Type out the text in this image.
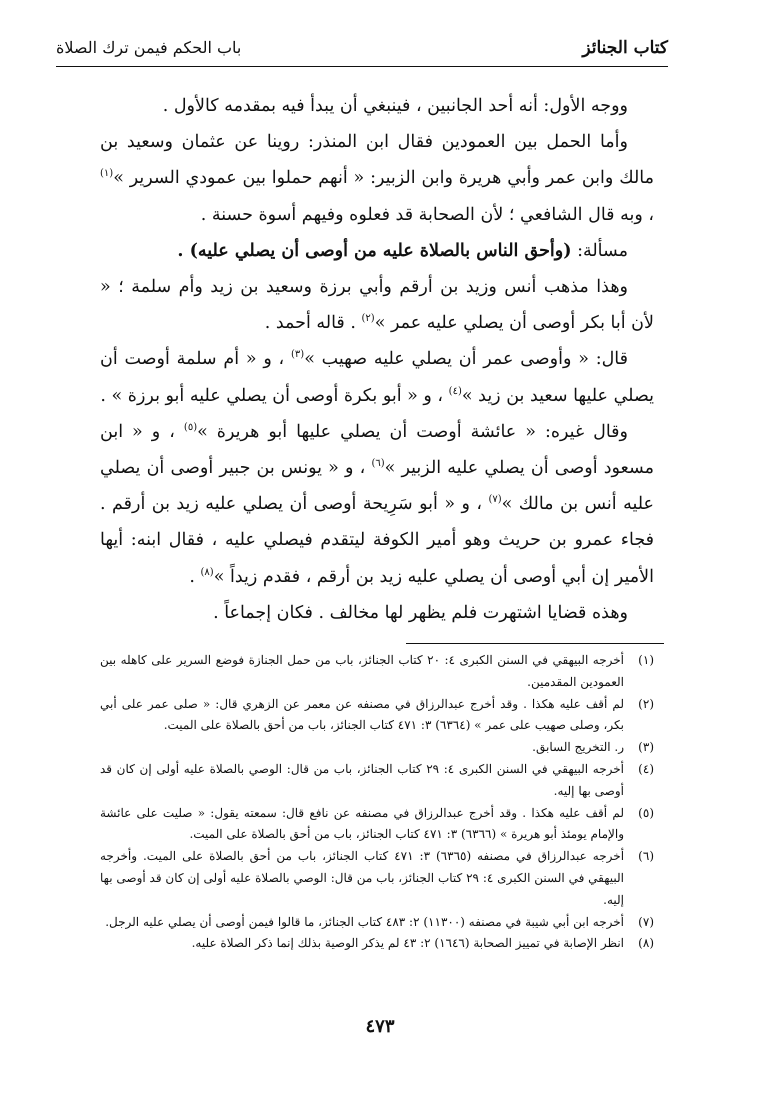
كتاب الجنائز
باب الحكم فيمن ترك الصلاة

ووجه الأول: أنه أحد الجانبين ، فينبغي أن يبدأ فيه بمقدمه كالأول .

وأما الحمل بين العمودين فقال ابن المنذر: روينا عن عثمان وسعيد بن مالك وابن عمر وأبي هريرة وابن الزبير: « أنهم حملوا بين عمودي السرير »$^{(١)}$ ، وبه قال الشافعي ؛ لأن الصحابة قد فعلوه وفيهم أسوة حسنة .

مسألة: (وأحق الناس بالصلاة عليه من أوصى أن يصلي عليه) .

وهذا مذهب أنس وزيد بن أرقم وأبي برزة وسعيد بن زيد وأم سلمة ؛ « لأن أبا بكر أوصى أن يصلي عليه عمر »$^{(٢)}$ . قاله أحمد .

قال: « وأوصى عمر أن يصلي عليه صهيب »$^{(٣)}$ ، و « أم سلمة أوصت أن يصلي عليها سعيد بن زيد »$^{(٤)}$ ، و « أبو بكرة أوصى أن يصلي عليه أبو برزة » .

وقال غيره: « عائشة أوصت أن يصلي عليها أبو هريرة »$^{(٥)}$ ، و « ابن مسعود أوصى أن يصلي عليه الزبير »$^{(٦)}$ ، و « يونس بن جبير أوصى أن يصلي عليه أنس بن مالك »$^{(٧)}$ ، و « أبو سَرِيحة أوصى أن يصلي عليه زيد بن أرقم . فجاء عمرو بن حريث وهو أمير الكوفة ليتقدم فيصلي عليه ، فقال ابنه: أيها الأمير إن أبي أوصى أن يصلي عليه زيد بن أرقم ، فقدم زيداً »$^{(٨)}$ .

وهذه قضايا اشتهرت فلم يظهر لها مخالف . فكان إجماعاً .

(١)
أخرجه البيهقي في السنن الكبرى ٤: ٢٠ كتاب الجنائز، باب من حمل الجنازة فوضع السرير على كاهله بين العمودين المقدمين.
(٢)
لم أقف عليه هكذا . وقد أخرج عبدالرزاق في مصنفه عن معمر عن الزهري قال: « صلى عمر على أبي بكر، وصلى صهيب على عمر » (٦٣٦٤) ٣: ٤٧١ كتاب الجنائز، باب من أحق بالصلاة على الميت.
(٣)
ر. التخريج السابق.
(٤)
أخرجه البيهقي في السنن الكبرى ٤: ٢٩ كتاب الجنائز، باب من قال: الوصي بالصلاة عليه أولى إن كان قد أوصى بها إليه.
(٥)
لم أقف عليه هكذا . وقد أخرج عبدالرزاق في مصنفه عن نافع قال: سمعته يقول: « صليت على عائشة والإمام يومئذ أبو هريرة » (٦٣٦٦) ٣: ٤٧١ كتاب الجنائز، باب من أحق بالصلاة على الميت.
(٦)
أخرجه عبدالرزاق في مصنفه (٦٣٦٥) ٣: ٤٧١ كتاب الجنائز، باب من أحق بالصلاة على الميت. وأخرجه البيهقي في السنن الكبرى ٤: ٢٩ كتاب الجنائز، باب من قال: الوصي بالصلاة عليه أولى إن كان قد أوصى بها إليه.
(٧)
أخرجه ابن أبي شيبة في مصنفه (١١٣٠٠) ٢: ٤٨٣ كتاب الجنائز، ما قالوا فيمن أوصى أن يصلي عليه الرجل.
(٨)
انظر الإصابة في تمييز الصحابة (١٦٤٦) ٢: ٤٣ لم يذكر الوصية بذلك إنما ذكر الصلاة عليه.
٤٧٣
